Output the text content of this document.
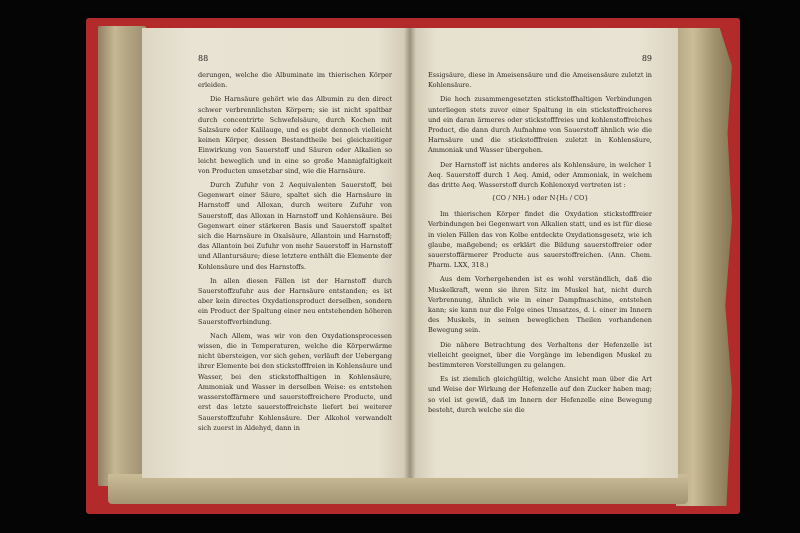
88

derungen, welche die Albuminate im thierischen Körper erleiden.

Die Harnsäure gehört wie das Albumin zu den direct schwer verbrennlichsten Körpern; sie ist nicht spaltbar durch concentrirte Schwefelsäure, durch Kochen mit Salzsäure oder Kalilauge, und es giebt dennoch vielleicht keinen Körper, dessen Bestandtheile bei gleichzeitiger Einwirkung von Sauerstoff und Säuren oder Alkalien so leicht beweglich und in eine so große Mannigfaltigkeit von Producten umsetzbar sind, wie die Harnsäure.

Durch Zufuhr von 2 Aequivalenten Sauerstoff, bei Gegenwart einer Säure, spaltet sich die Harnsäure in Harnstoff und Alloxan, durch weitere Zufuhr von Sauerstoff, das Alloxan in Harnstoff und Kohlensäure. Bei Gegenwart einer stärkeren Basis und Sauerstoff spaltet sich die Harnsäure in Oxalsäure, Allantoin und Harnstoff; das Allantoin bei Zufuhr von mehr Sauerstoff in Harnstoff und Allantursäure; diese letztere enthält die Elemente der Kohlensäure und des Harnstoffs.

In allen diesen Fällen ist der Harnstoff durch Sauerstoffzufuhr aus der Harnsäure entstanden; es ist aber kein directes Oxydationsproduct derselben, sondern ein Product der Spaltung einer neu entstehenden höheren Sauerstoffverbindung.

Nach Allem, was wir von den Oxydationsprocessen wissen, die in Temperaturen, welche die Körperwärme nicht übersteigen, vor sich gehen, verläuft der Uebergang ihrer Elemente bei den stickstofffreien in Kohlensäure und Wasser, bei den stickstoffhaltigen in Kohlensäure, Ammoniak und Wasser in derselben Weise: es entstehen wasserstoffärmere und sauerstoffreichere Producte, und erst das letzte sauerstoffreichste liefert bei weiterer Sauerstoffzufuhr Kohlensäure. Der Alkohol verwandelt sich zuerst in Aldehyd, dann in

89

Essigsäure, diese in Ameisensäure und die Ameisensäure zuletzt in Kohlensäure.

Die hoch zusammengesetzten stickstoffhaltigen Verbindungen unterliegen stets zuvor einer Spaltung in ein stickstoffreicheres und ein daran ärmeres oder stickstofffreies und kohlenstoffreiches Product, die dann durch Aufnahme von Sauerstoff ähnlich wie die Harnsäure und die stickstofffreien zuletzt in Kohlensäure, Ammoniak und Wasser übergehen.

Der Harnstoff ist nichts anderes als Kohlensäure, in welcher 1 Aeq. Sauerstoff durch 1 Aeq. Amid, oder Ammoniak, in welchem das dritte Aeq. Wasserstoff durch Kohlenoxyd vertreten ist :

{CO / NH₂} oder N{H₂ / CO}

Im thierischen Körper findet die Oxydation stickstofffreier Verbindungen bei Gegenwart von Alkalien statt, und es ist für diese in vielen Fällen das von Kolbe entdeckte Oxydationsgesetz, wie ich glaube, maßgebend; es erklärt die Bildung sauerstoffreier oder sauerstoffärmerer Producte aus sauerstoffreichen. (Ann. Chem. Pharm. LXX, 318.)

Aus dem Vorhergehenden ist es wohl verständlich, daß die Muskelkraft, wenn sie ihren Sitz im Muskel hat, nicht durch Verbrennung, ähnlich wie in einer Dampfmaschine, entstehen kann; sie kann nur die Folge eines Umsatzes, d. i. einer im Innern des Muskels, in seinen beweglichen Theilen vorhandenen Bewegung sein.

Die nähere Betrachtung des Verhaltens der Hefenzelle ist vielleicht geeignet, über die Vorgänge im lebendigen Muskel zu bestimmteren Vorstellungen zu gelangen.

Es ist ziemlich gleichgültig, welche Ansicht man über die Art und Weise der Wirkung der Hefenzelle auf den Zucker haben mag; so viel ist gewiß, daß im Innern der Hefenzelle eine Bewegung besteht, durch welche sie die
